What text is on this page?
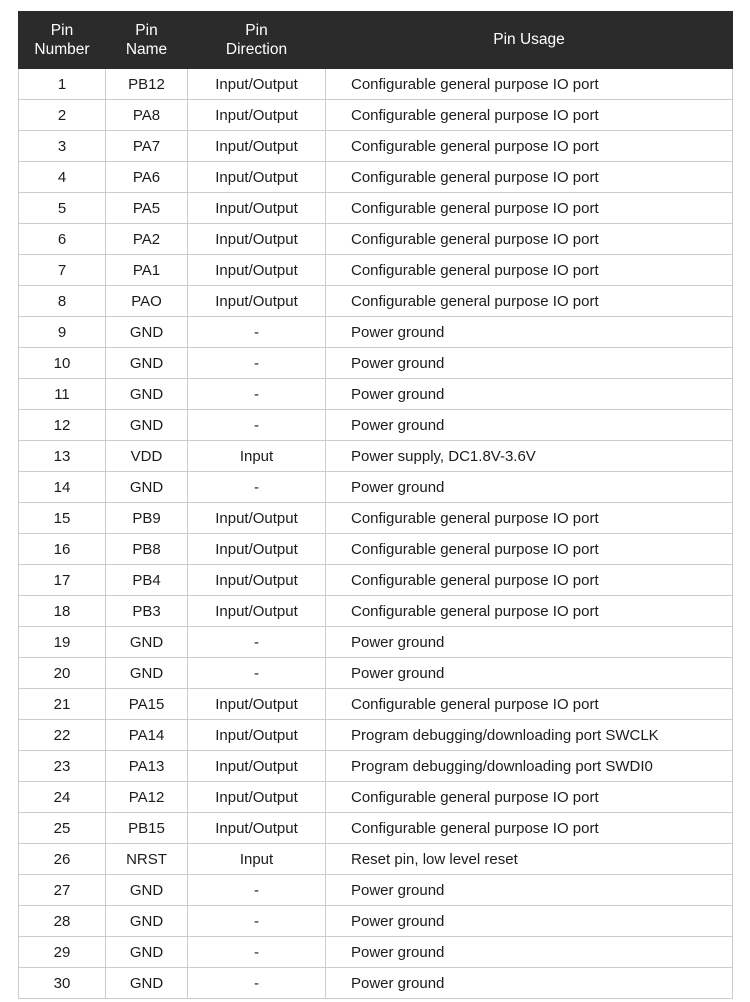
Pin Number	Pin Name	Pin Direction	Pin Usage
1	PB12	Input/Output	Configurable general purpose IO port
2	PA8	Input/Output	Configurable general purpose IO port
3	PA7	Input/Output	Configurable general purpose IO port
4	PA6	Input/Output	Configurable general purpose IO port
5	PA5	Input/Output	Configurable general purpose IO port
6	PA2	Input/Output	Configurable general purpose IO port
7	PA1	Input/Output	Configurable general purpose IO port
8	PAO	Input/Output	Configurable general purpose IO port
9	GND	-	Power ground
10	GND	-	Power ground
11	GND	-	Power ground
12	GND	-	Power ground
13	VDD	Input	Power supply, DC1.8V-3.6V
14	GND	-	Power ground
15	PB9	Input/Output	Configurable general purpose IO port
16	PB8	Input/Output	Configurable general purpose IO port
17	PB4	Input/Output	Configurable general purpose IO port
18	PB3	Input/Output	Configurable general purpose IO port
19	GND	-	Power ground
20	GND	-	Power ground
21	PA15	Input/Output	Configurable general purpose IO port
22	PA14	Input/Output	Program debugging/downloading port SWCLK
23	PA13	Input/Output	Program debugging/downloading port SWDI0
24	PA12	Input/Output	Configurable general purpose IO port
25	PB15	Input/Output	Configurable general purpose IO port
26	NRST	Input	Reset pin, low level reset
27	GND	-	Power ground
28	GND	-	Power ground
29	GND	-	Power ground
30	GND	-	Power ground
